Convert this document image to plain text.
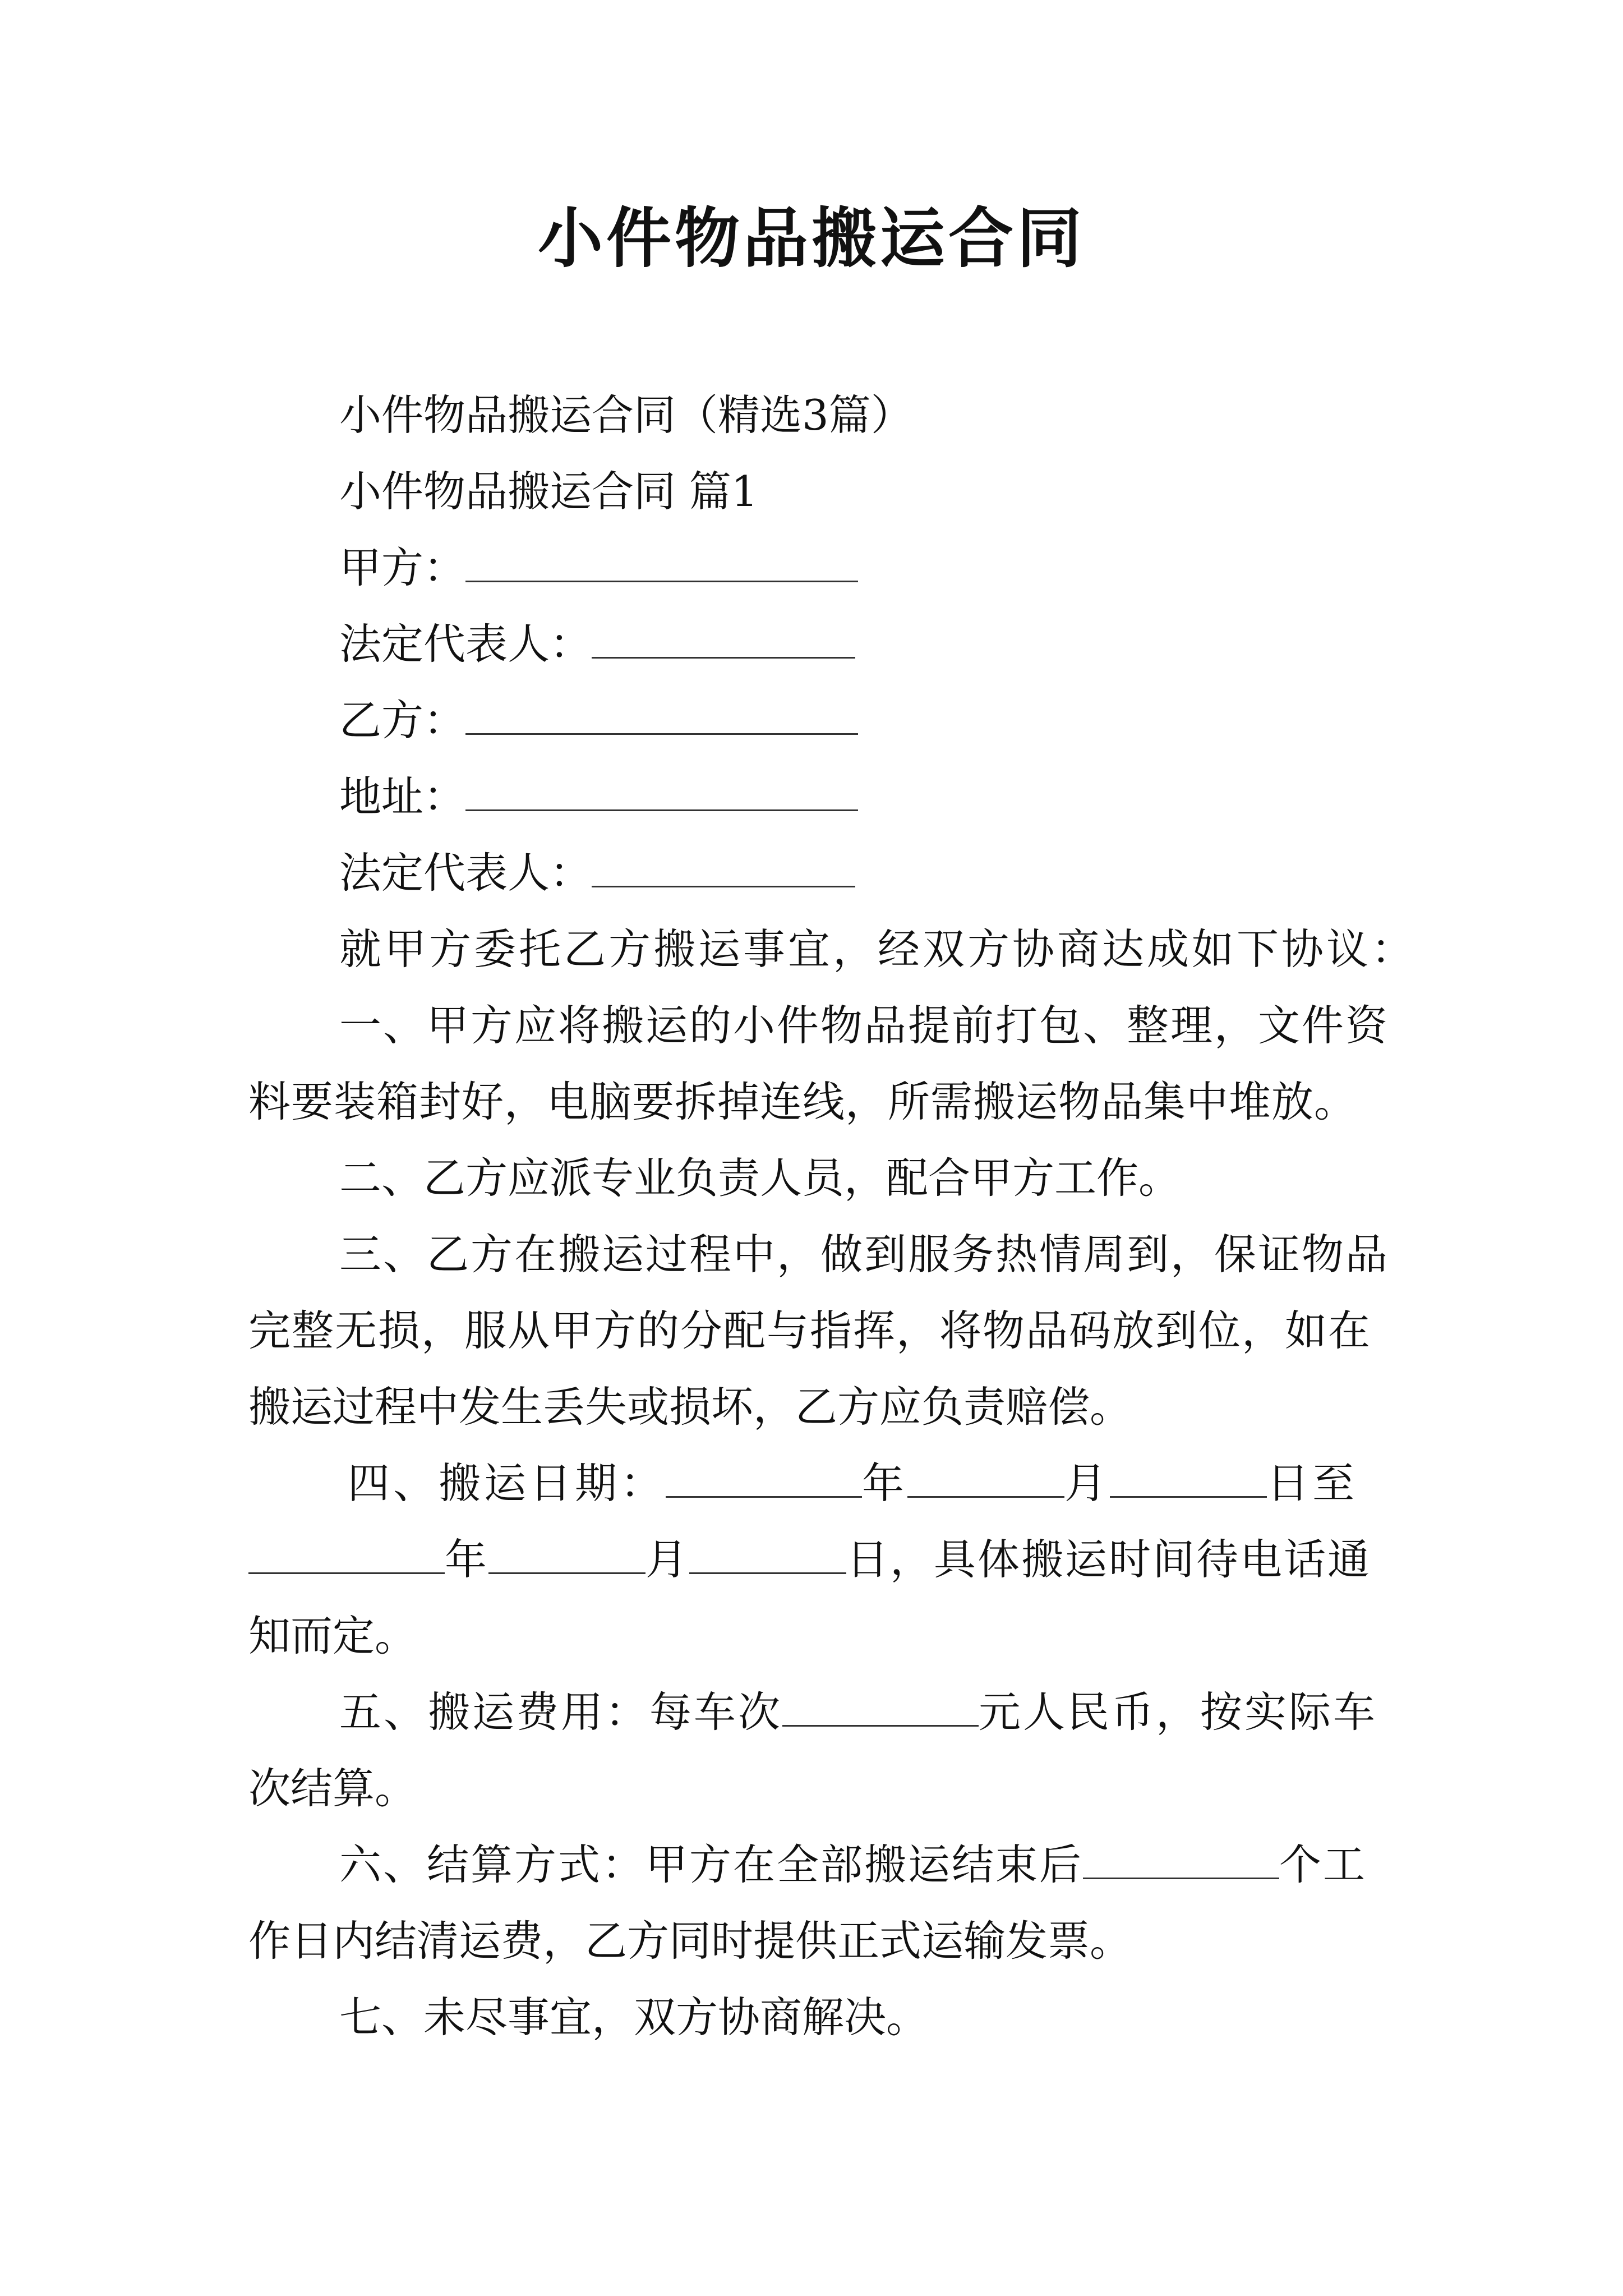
小件物品搬运合同
小件物品搬运合同（精选3篇）
小件物品搬运合同 篇1
甲方：
法定代表人：
乙方：
地址：
法定代表人：
就甲方委托乙方搬运事宜，经双方协商达成如下协议：
一、甲方应将搬运的小件物品提前打包、整理，文件资
料要装箱封好，电脑要拆掉连线，所需搬运物品集中堆放。
二、乙方应派专业负责人员，配合甲方工作。
三、乙方在搬运过程中，做到服务热情周到，保证物品
完整无损，服从甲方的分配与指挥，将物品码放到位，如在
搬运过程中发生丢失或损坏，乙方应负责赔偿。
四、搬运日期：	年	月	日至
年	月	日，具体搬运时间待电话通
知而定。
五、搬运费用：每车次	元人民币，按实际车
次结算。
六、结算方式：甲方在全部搬运结束后	个工
作日内结清运费，乙方同时提供正式运输发票。
七、未尽事宜，双方协商解决。
